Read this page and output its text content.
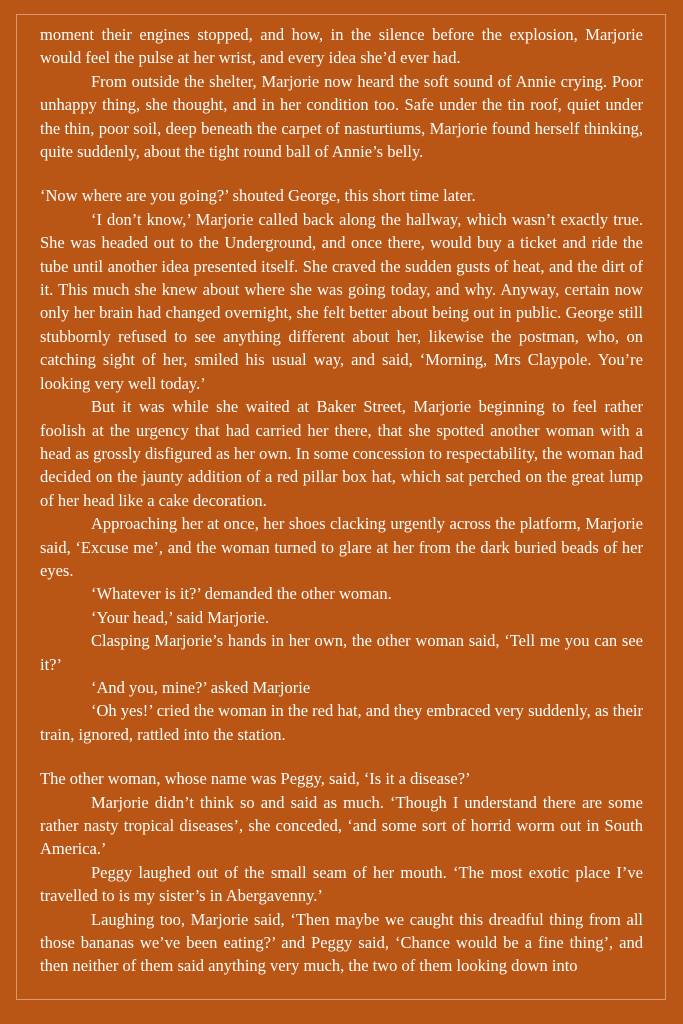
moment their engines stopped, and how, in the silence before the explosion, Marjorie would feel the pulse at her wrist, and every idea she’d ever had.

From outside the shelter, Marjorie now heard the soft sound of Annie crying. Poor unhappy thing, she thought, and in her condition too. Safe under the tin roof, quiet under the thin, poor soil, deep beneath the carpet of nasturtiums, Marjorie found herself thinking, quite suddenly, about the tight round ball of Annie’s belly.

‘Now where are you going?’ shouted George, this short time later.

‘I don’t know,’ Marjorie called back along the hallway, which wasn’t exactly true. She was headed out to the Underground, and once there, would buy a ticket and ride the tube until another idea presented itself. She craved the sudden gusts of heat, and the dirt of it. This much she knew about where she was going today, and why. Anyway, certain now only her brain had changed overnight, she felt better about being out in public. George still stubbornly refused to see anything different about her, likewise the postman, who, on catching sight of her, smiled his usual way, and said, ‘Morning, Mrs Claypole. You’re looking very well today.’

But it was while she waited at Baker Street, Marjorie beginning to feel rather foolish at the urgency that had carried her there, that she spotted another woman with a head as grossly disfigured as her own. In some concession to respectability, the woman had decided on the jaunty addition of a red pillar box hat, which sat perched on the great lump of her head like a cake decoration.

Approaching her at once, her shoes clacking urgently across the platform, Marjorie said, ‘Excuse me’, and the woman turned to glare at her from the dark buried beads of her eyes.

‘Whatever is it?’ demanded the other woman.

‘Your head,’ said Marjorie.

Clasping Marjorie’s hands in her own, the other woman said, ‘Tell me you can see it?’

‘And you, mine?’ asked Marjorie

‘Oh yes!’ cried the woman in the red hat, and they embraced very suddenly, as their train, ignored, rattled into the station.

The other woman, whose name was Peggy, said, ‘Is it a disease?’

Marjorie didn’t think so and said as much. ‘Though I understand there are some rather nasty tropical diseases’, she conceded, ‘and some sort of horrid worm out in South America.’

Peggy laughed out of the small seam of her mouth. ‘The most exotic place I’ve travelled to is my sister’s in Abergavenny.’

Laughing too, Marjorie said, ‘Then maybe we caught this dreadful thing from all those bananas we’ve been eating?’ and Peggy said, ‘Chance would be a fine thing’, and then neither of them said anything very much, the two of them looking down into
